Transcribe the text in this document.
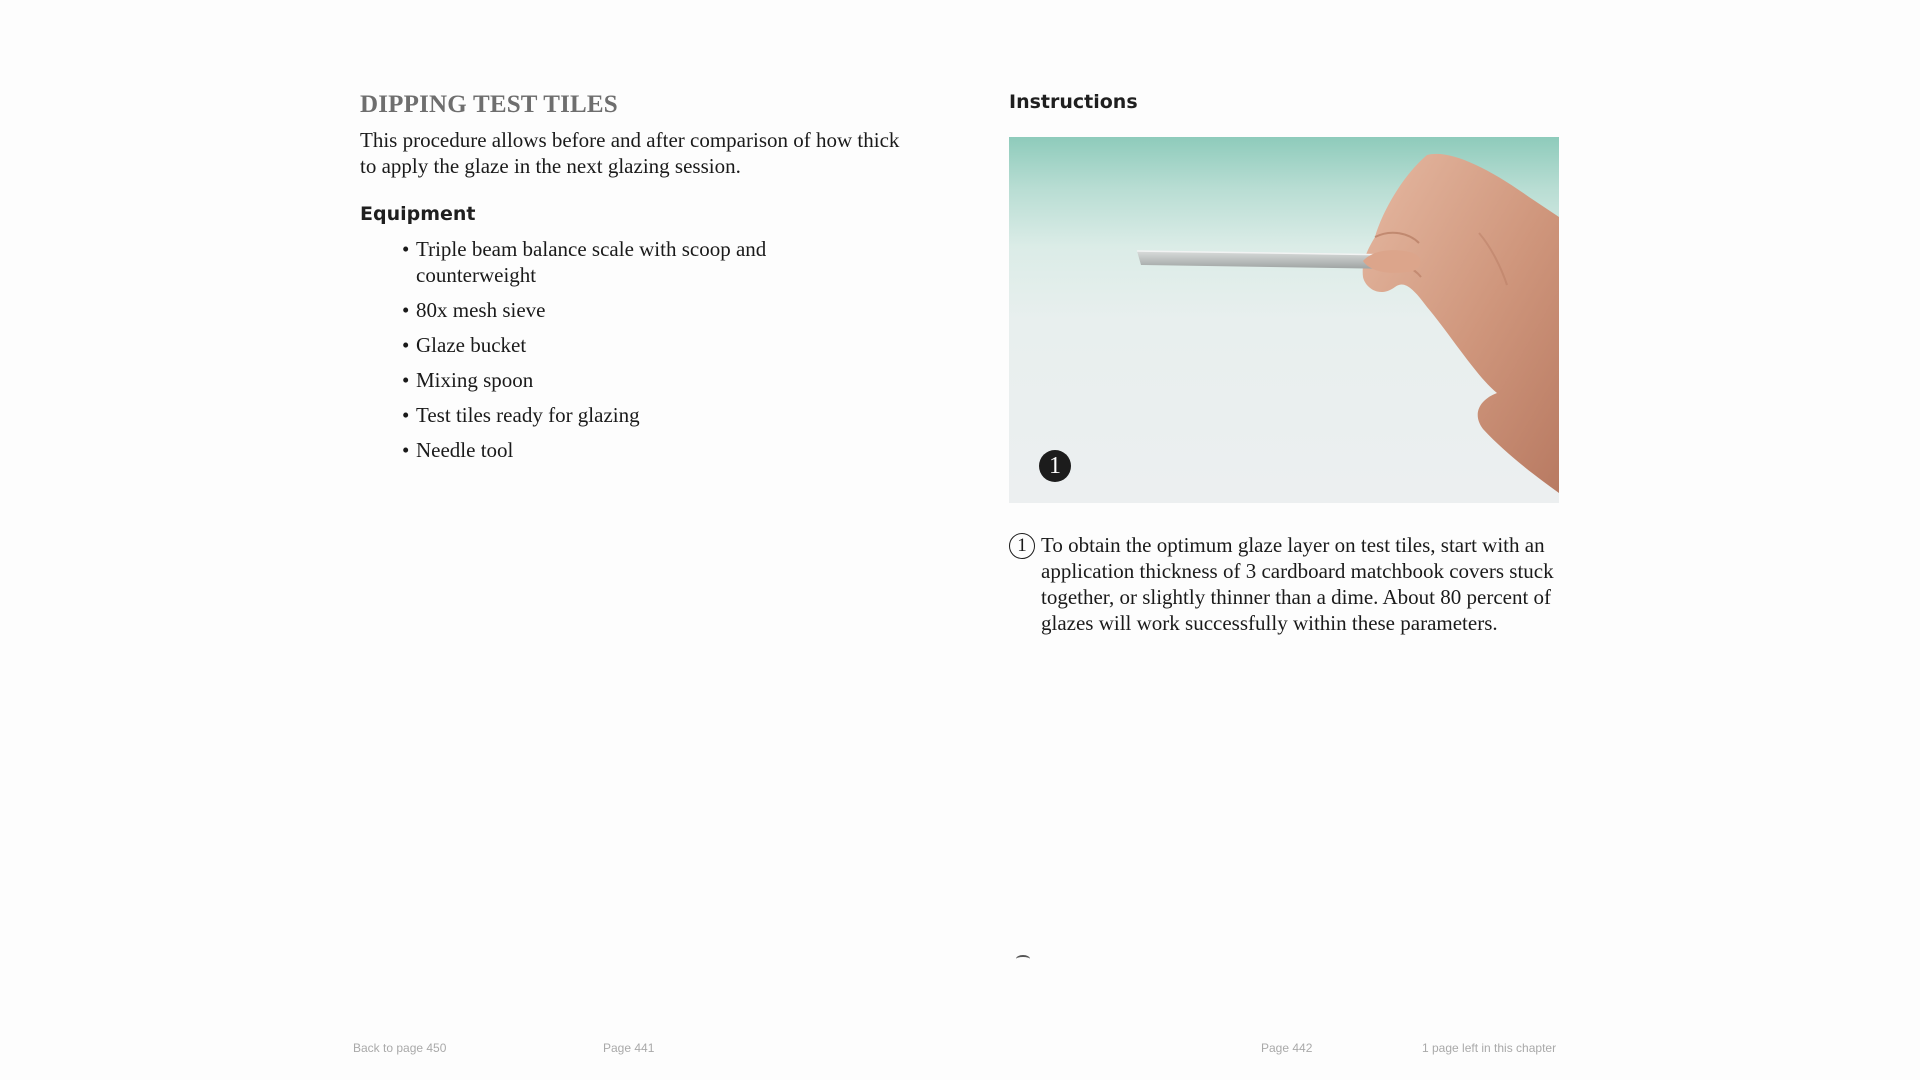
DIPPING TEST TILES

This procedure allows before and after comparison of how thick to apply the glaze in the next glazing session.

Equipment
• Triple beam balance scale with scoop and counterweight
• 80x mesh sieve
• Glaze bucket
• Mixing spoon
• Test tiles ready for glazing
• Needle tool
Instructions
1
1 To obtain the optimum glaze layer on test tiles, start with an application thickness of 3 cardboard matchbook covers stuck together, or slightly thinner than a dime. About 80 percent of glazes will work successfully within these parameters.

Back to page 450	Page 441	Page 442	1 page left in this chapter
